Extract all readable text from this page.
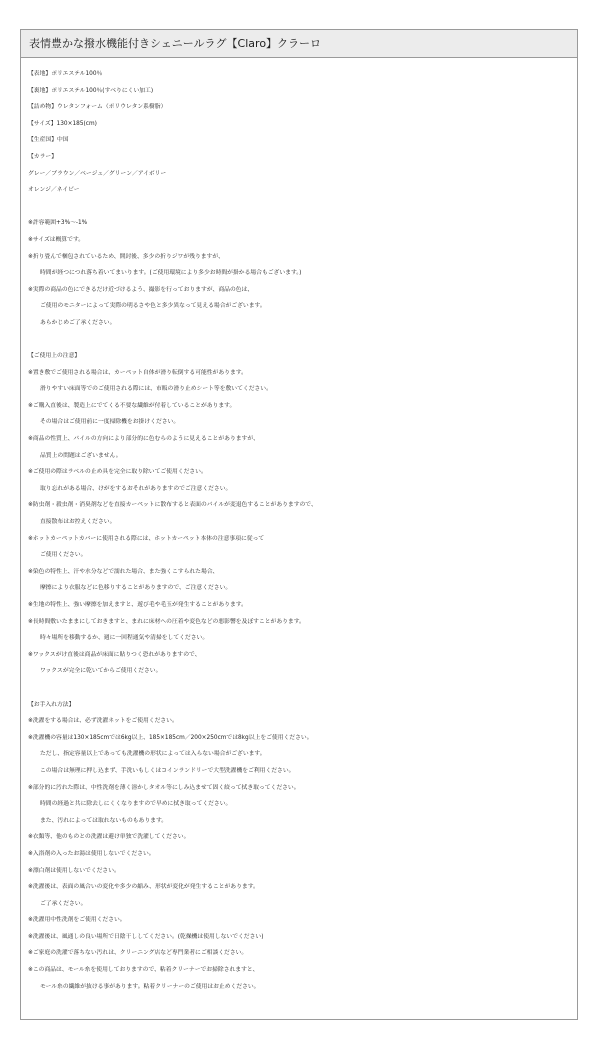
表情豊かな撥水機能付きシェニールラグ【Claro】クラーロ
【表地】ポリエステル100％
【裏地】ポリエステル100％(すべりにくい加工)
【詰め物】ウレタンフォーム（ポリウレタン系樹脂）
【サイズ】130×185(cm)
【生産国】中国
【カラー】
グレー／ブラウン／ベージュ／グリーン／アイボリー
オレンジ／ネイビー
※許容範囲+3%～-1%
※サイズは概算です。
※折り畳んで梱包されているため、開封後、多少の折りジワが残りますが、
時間が経つにつれ落ち着いてまいります。(ご使用環境により多少お時間が掛かる場合もございます。)
※実際の商品の色にできるだけ近づけるよう、撮影を行っておりますが、商品の色は、
ご使用のモニターによって実際の明るさや色と多少異なって見える場合がございます。
あらかじめご了承ください。
【ご使用上の注意】
※置き敷でご使用される場合は、カーペット自体が滑り転倒する可能性があります。
滑りやすい床面等でのご使用される際には、市販の滑り止めシート等を敷いてください。
※ご購入直後は、製造上にでてくる不要な繊維が付着していることがあります。
その場合はご使用前に一度掃除機をお掛けください。
※商品の性質上、パイルの方向により部分的に色むらのように見えることがありますが、
品質上の問題はございません。
※ご使用の際はラベルの止め具を完全に取り除いてご使用ください。
取り忘れがある場合、けがをするおそれがありますのでご注意ください。
※防虫剤・殺虫剤・消臭剤などを直接カーペットに散布すると表面のパイルが変退色することがありますので、
直接散布はお控えください。
※ホットカーペットカバーに使用される際には、ホットカーペット本体の注意事項に従って
ご使用ください。
※染色の特性上、汗や水分などで濡れた場合、また強くこすられた場合、
摩擦により衣服などに色移りすることがありますので、ご注意ください。
※生地の特性上、強い摩擦を加えますと、遊び毛や毛玉が発生することがあります。
※長時間敷いたままにしておきますと、まれに床材への圧着や変色などの悪影響を及ぼすことがあります。
時々場所を移動するか、週に一回程通気や清掃をしてください。
※ワックスがけ直後は商品が床面に貼りつく恐れがありますので、
ワックスが完全に乾いてからご使用ください。
【お手入れ方法】
※洗濯をする場合は、必ず洗濯ネットをご使用ください。
※洗濯機の容量は130×185cmでは6kg以上、185×185cm／200×250cmでは8kg以上をご使用ください。
ただし、指定容量以上であっても洗濯機の形状によっては入らない場合がございます。
この場合は無理に押し込まず、手洗いもしくはコインランドリーで大型洗濯機をご利用ください。
※部分的に汚れた際は、中性洗剤を薄く溶かしタオル等にしみ込ませて固く絞って拭き取ってください。
時間の経過と共に除去しにくくなりますので早めに拭き取ってください。
また、汚れによっては取れないものもあります。
※衣類等、他のものとの洗濯は避け単独で洗濯してください。
※入浴剤の入ったお湯は使用しないでください。
※漂白剤は使用しないでください。
※洗濯後は、表面の風合いの変化や多少の縮み、形状が変化が発生することがあります。
ご了承ください。
※洗濯用中性洗剤をご使用ください。
※洗濯後は、風通しの良い場所で日陰干ししてください。(乾燥機は使用しないでください)
※ご家庭の洗濯で落ちない汚れは、クリーニング店など専門業者にご相談ください。
※この商品は、モール糸を使用しておりますので、粘着クリーナーでお掃除されますと、
モール糸の繊維が抜ける事があります。粘着クリーナーのご使用はお止めください。
